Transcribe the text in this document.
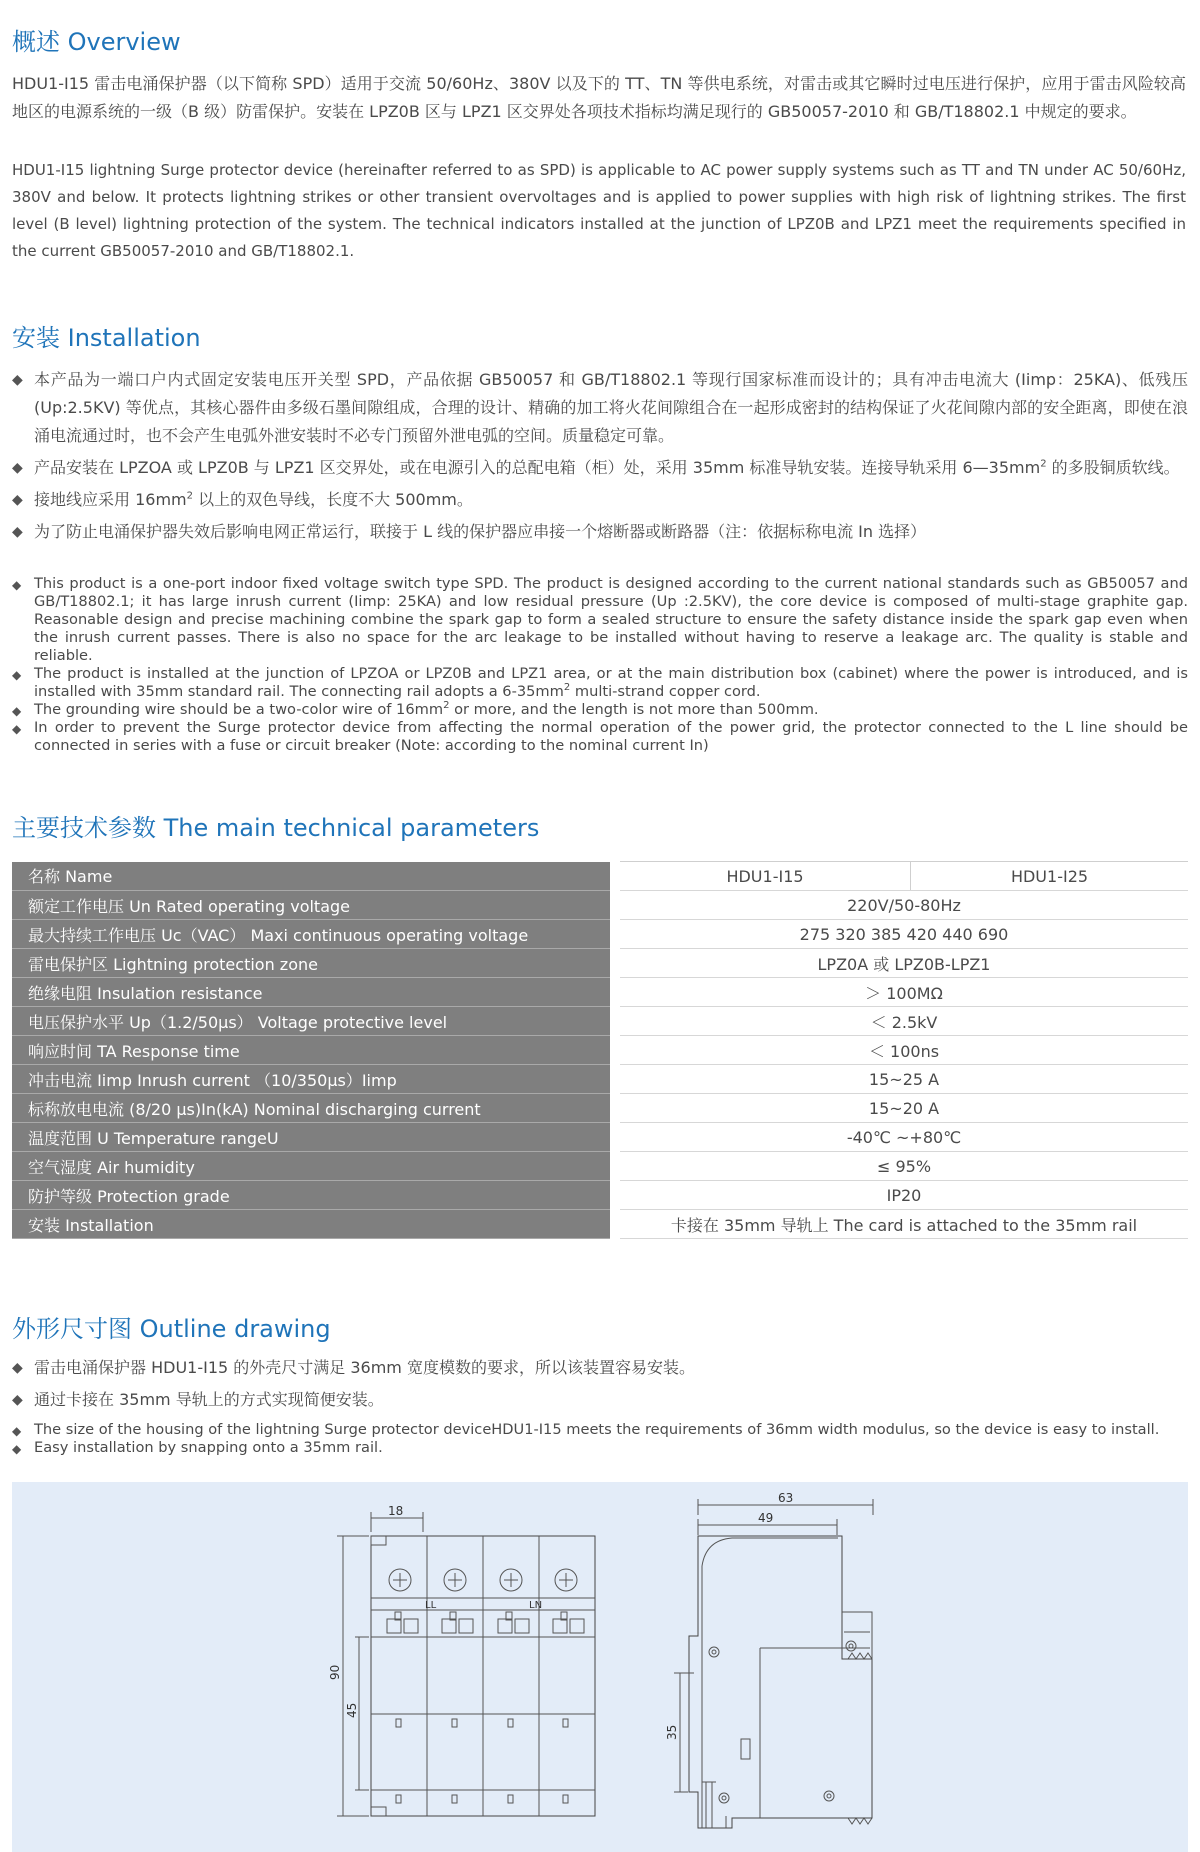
概述 Overview
HDU1-I15 雷击电涌保护器（以下简称 SPD）适用于交流 50/60Hz、380V 以及下的 TT、TN 等供电系统，对雷击或其它瞬时过电压进行保护，应用于雷击风险较高地区的电源系统的一级（B 级）防雷保护。安装在 LPZ0B 区与 LPZ1 区交界处各项技术指标均满足现行的 GB50057-2010 和 GB/T18802.1 中规定的要求。
HDU1-I15 lightning Surge protector device (hereinafter referred to as SPD) is applicable to AC power supply systems such as TT and TN under AC 50/60Hz, 380V and below. It protects lightning strikes or other transient overvoltages and is applied to power supplies with high risk of lightning strikes. The first level (B level) lightning protection of the system. The technical indicators installed at the junction of LPZ0B and LPZ1 meet the requirements specified in the current GB50057-2010 and GB/T18802.1.
安装 Installation
◆ 本产品为一端口户内式固定安装电压开关型 SPD，产品依据 GB50057 和 GB/T18802.1 等现行国家标准而设计的；具有冲击电流大 (Iimp：25KA)、低残压 (Up:2.5KV) 等优点，其核心器件由多级石墨间隙组成，合理的设计、精确的加工将火花间隙组合在一起形成密封的结构保证了火花间隙内部的安全距离，即使在浪涌电流通过时，也不会产生电弧外泄安装时不必专门预留外泄电弧的空间。质量稳定可靠。
◆ 产品安装在 LPZOA 或 LPZ0B 与 LPZ1 区交界处，或在电源引入的总配电箱（柜）处，采用 35mm 标准导轨安装。连接导轨采用 $6—35mm^2$ 的多股铜质软线。
◆ 接地线应采用 $16mm^2$ 以上的双色导线，长度不大 500mm。
◆ 为了防止电涌保护器失效后影响电网正常运行，联接于 L 线的保护器应串接一个熔断器或断路器（注：依据标称电流 In 选择）
◆ This product is a one-port indoor fixed voltage switch type SPD. The product is designed according to the current national standards such as GB50057 and GB/T18802.1; it has large inrush current (Iimp: 25KA) and low residual pressure (Up :2.5KV), the core device is composed of multi-stage graphite gap. Reasonable design and precise machining combine the spark gap to form a sealed structure to ensure the safety distance inside the spark gap even when the inrush current passes. There is also no space for the arc leakage to be installed without having to reserve a leakage arc. The quality is stable and reliable.
◆ The product is installed at the junction of LPZOA or LPZ0B and LPZ1 area, or at the main distribution box (cabinet) where the power is introduced, and is installed with 35mm standard rail. The connecting rail adopts a $6-35mm^2$ multi-strand copper cord.
◆ The grounding wire should be a two-color wire of $16mm^2$ or more, and the length is not more than 500mm.
◆ In order to prevent the Surge protector device from affecting the normal operation of the power grid, the protector connected to the L line should be connected in series with a fuse or circuit breaker (Note: according to the nominal current In)
主要技术参数 The main technical parameters
名称 Name		HDU1-I15	HDU1-I25
额定工作电压 Un Rated operating voltage		220V/50-80Hz	
最大持续工作电压 Uc（VAC） Maxi continuous operating voltage		275 320 385 420 440 690	
雷电保护区 Lightning protection zone		LPZ0A 或 LPZ0B-LPZ1	
绝缘电阻 Insulation resistance		＞ 100MΩ	
电压保护水平 Up（1.2/50μs） Voltage protective level		＜ 2.5kV	
响应时间 TA Response time		＜ 100ns	
冲击电流 Iimp Inrush current （10/350μs）Iimp		15~25 A	
标称放电电流 (8/20 μs)In(kA) Nominal discharging current		15~20 A	
温度范围 U Temperature rangeU		-40℃ ~+80℃	
空气湿度 Air humidity		≤ 95%	
防护等级 Protection grade		IP20	
安装 Installation		卡接在 35mm 导轨上 The card is attached to the 35mm rail	
外形尺寸图 Outline drawing
◆ 雷击电涌保护器 HDU1-I15 的外壳尺寸满足 36mm 宽度模数的要求，所以该装置容易安装。
◆ 通过卡接在 35mm 导轨上的方式实现简便安装。
◆ The size of the housing of the lightning Surge protector deviceHDU1-I15 meets the requirements of 36mm width modulus, so the device is easy to install.
◆ Easy installation by snapping onto a 35mm rail.
18
90
45
LL	LN
63
49
35
